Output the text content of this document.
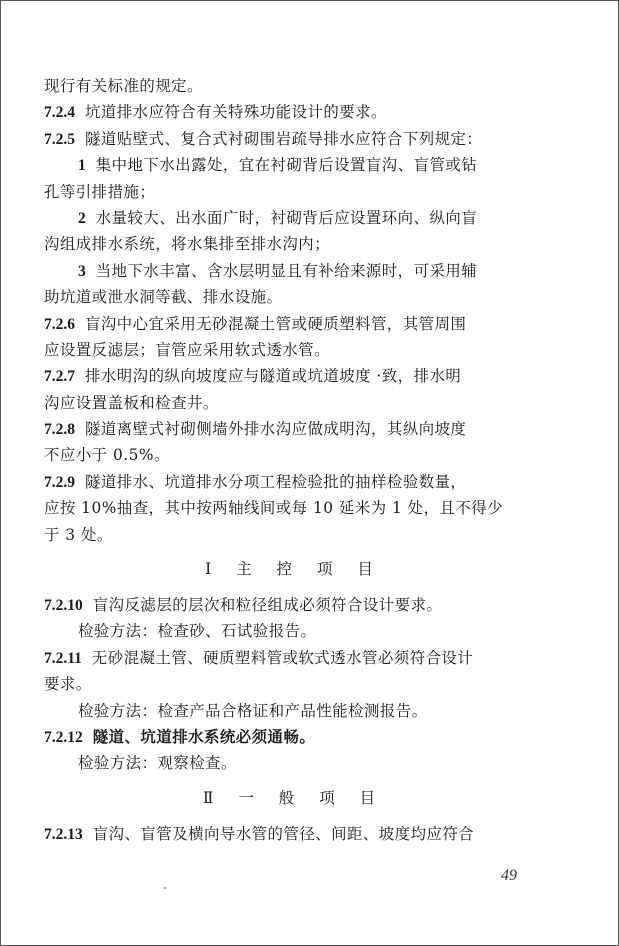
现行有关标准的规定。
7.2.4 坑道排水应符合有关特殊功能设计的要求。
7.2.5 隧道贴壁式、复合式衬砌围岩疏导排水应符合下列规定：
1 集中地下水出露处，宜在衬砌背后设置盲沟、盲管或钻
孔等引排措施；
2 水量较大、出水面广时，衬砌背后应设置环向、纵向盲
沟组成排水系统，将水集排至排水沟内；
3 当地下水丰富、含水层明显且有补给来源时，可采用辅
助坑道或泄水洞等截、排水设施。
7.2.6 盲沟中心宜采用无砂混凝土管或硬质塑料管，其管周围
应设置反滤层；盲管应采用软式透水管。
7.2.7 排水明沟的纵向坡度应与隧道或坑道坡度 ·致，排水明
沟应设置盖板和检查井。
7.2.8 隧道离壁式衬砌侧墙外排水沟应做成明沟，其纵向坡度
不应小于 0.5%。
7.2.9 隧道排水、坑道排水分项工程检验批的抽样检验数量，
应按 10%抽查，其中按两轴线间或每 10 延米为 1 处，且不得少
于 3 处。
Ⅰ 主 控 项 目
7.2.10 盲沟反滤层的层次和粒径组成必须符合设计要求。
检验方法：检查砂、石试验报告。
7.2.11 无砂混凝土管、硬质塑料管或软式透水管必须符合设计
要求。
检验方法：检查产品合格证和产品性能检测报告。
7.2.12 隧道、坑道排水系统必须通畅。
检验方法：观察检查。
Ⅱ 一 般 项 目
7.2.13 盲沟、盲管及横向导水管的管径、间距、坡度均应符合
49
